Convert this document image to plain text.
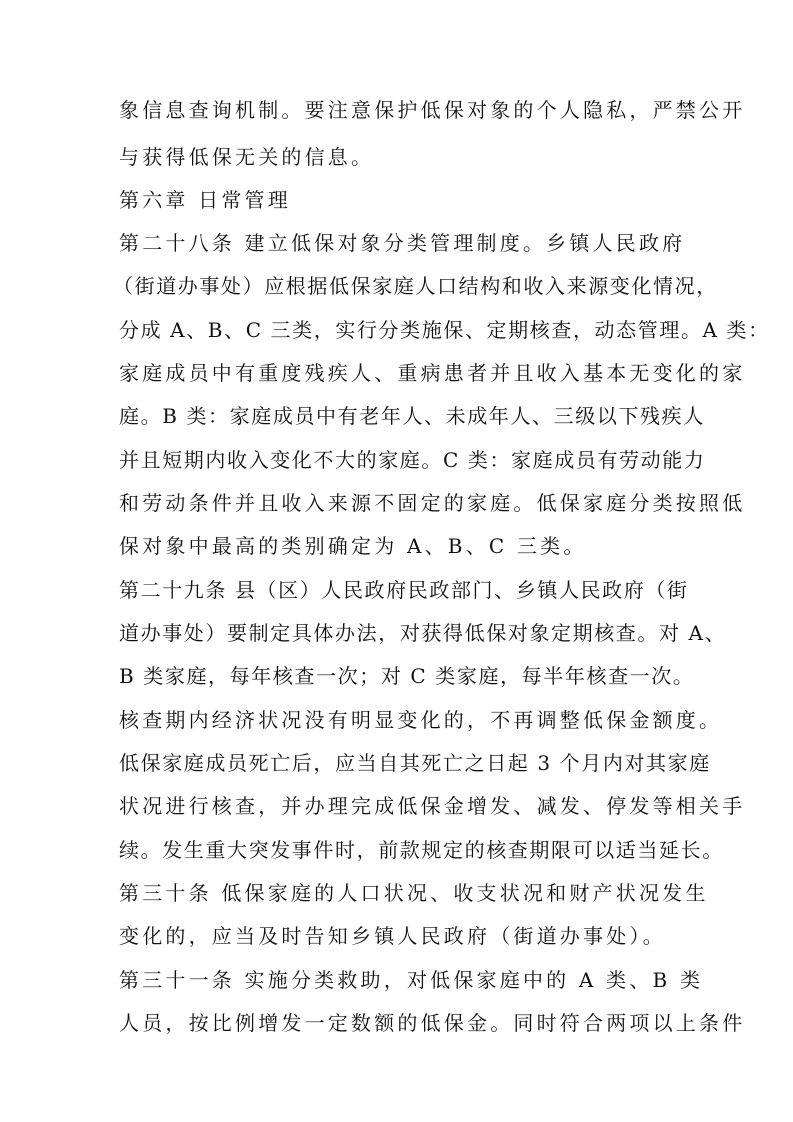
象信息查询机制。要注意保护低保对象的个人隐私，严禁公开
与获得低保无关的信息。
第六章 日常管理
第二十八条 建立低保对象分类管理制度。乡镇人民政府
（街道办事处）应根据低保家庭人口结构和收入来源变化情况，
分成 A、B、C 三类，实行分类施保、定期核查，动态管理。A 类：
家庭成员中有重度残疾人、重病患者并且收入基本无变化的家
庭。B 类：家庭成员中有老年人、未成年人、三级以下残疾人
并且短期内收入变化不大的家庭。C 类：家庭成员有劳动能力
和劳动条件并且收入来源不固定的家庭。低保家庭分类按照低
保对象中最高的类别确定为 A、B、C 三类。
第二十九条 县（区）人民政府民政部门、乡镇人民政府（街
道办事处）要制定具体办法，对获得低保对象定期核查。对 A、
B 类家庭，每年核查一次；对 C 类家庭，每半年核查一次。
核查期内经济状况没有明显变化的，不再调整低保金额度。
低保家庭成员死亡后，应当自其死亡之日起 3 个月内对其家庭
状况进行核查，并办理完成低保金增发、减发、停发等相关手
续。发生重大突发事件时，前款规定的核查期限可以适当延长。
第三十条 低保家庭的人口状况、收支状况和财产状况发生
变化的，应当及时告知乡镇人民政府（街道办事处）。
第三十一条 实施分类救助，对低保家庭中的 A 类、B 类
人员，按比例增发一定数额的低保金。同时符合两项以上条件
